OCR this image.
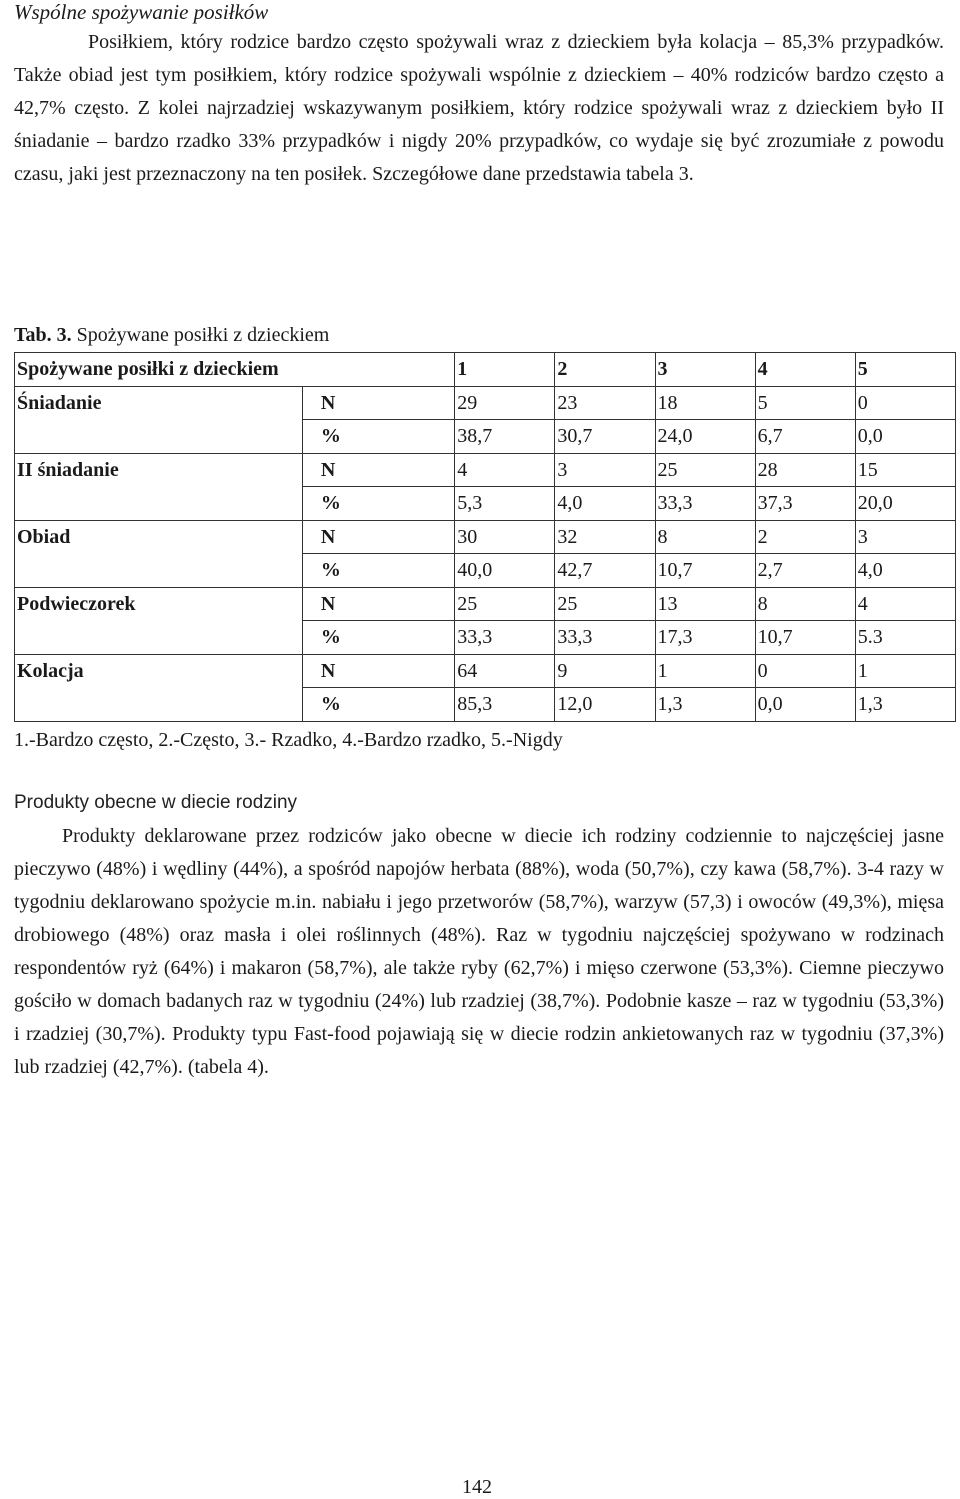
Wspólne spożywanie posiłków
Posiłkiem, który rodzice bardzo często spożywali wraz z dzieckiem była kolacja – 85,3% przypadków. Także obiad jest tym posiłkiem, który rodzice spożywali wspólnie z dzieckiem – 40% rodziców bardzo często a 42,7% często. Z kolei najrzadziej wskazywanym posiłkiem, który rodzice spożywali wraz z dzieckiem było II śniadanie – bardzo rzadko 33% przypadków i nigdy 20% przypadków, co wydaje się być zrozumiałe z powodu czasu, jaki jest przeznaczony na ten posiłek. Szczegółowe dane przedstawia tabela 3.
Tab. 3. Spożywane posiłki z dzieckiem
Spożywane posiłki z dzieckiem		1	2	3	4	5
Śniadanie	N	29	23	18	5	0
	%	38,7	30,7	24,0	6,7	0,0
II śniadanie	N	4	3	25	28	15
	%	5,3	4,0	33,3	37,3	20,0
Obiad	N	30	32	8	2	3
	%	40,0	42,7	10,7	2,7	4,0
Podwieczorek	N	25	25	13	8	4
	%	33,3	33,3	17,3	10,7	5.3
Kolacja	N	64	9	1	0	1
	%	85,3	12,0	1,3	0,0	1,3
1.-Bardzo często, 2.-Często, 3.- Rzadko, 4.-Bardzo rzadko, 5.-Nigdy
Produkty obecne w diecie rodziny
Produkty deklarowane przez rodziców jako obecne w diecie ich rodziny codziennie to najczęściej jasne pieczywo (48%) i wędliny (44%), a spośród napojów herbata (88%), woda (50,7%), czy kawa (58,7%). 3-4 razy w tygodniu deklarowano spożycie m.in. nabiału i jego przetworów (58,7%), warzyw (57,3) i owoców (49,3%), mięsa drobiowego (48%) oraz masła i olei roślinnych (48%). Raz w tygodniu najczęściej spożywano w rodzinach respondentów ryż (64%) i makaron (58,7%), ale także ryby (62,7%) i mięso czerwone (53,3%). Ciemne pieczywo gościło w domach badanych raz w tygodniu (24%) lub rzadziej (38,7%). Podobnie kasze – raz w tygodniu (53,3%) i rzadziej (30,7%). Produkty typu Fast-food pojawiają się w diecie rodzin ankietowanych raz w tygodniu (37,3%) lub rzadziej (42,7%). (tabela 4).
142
